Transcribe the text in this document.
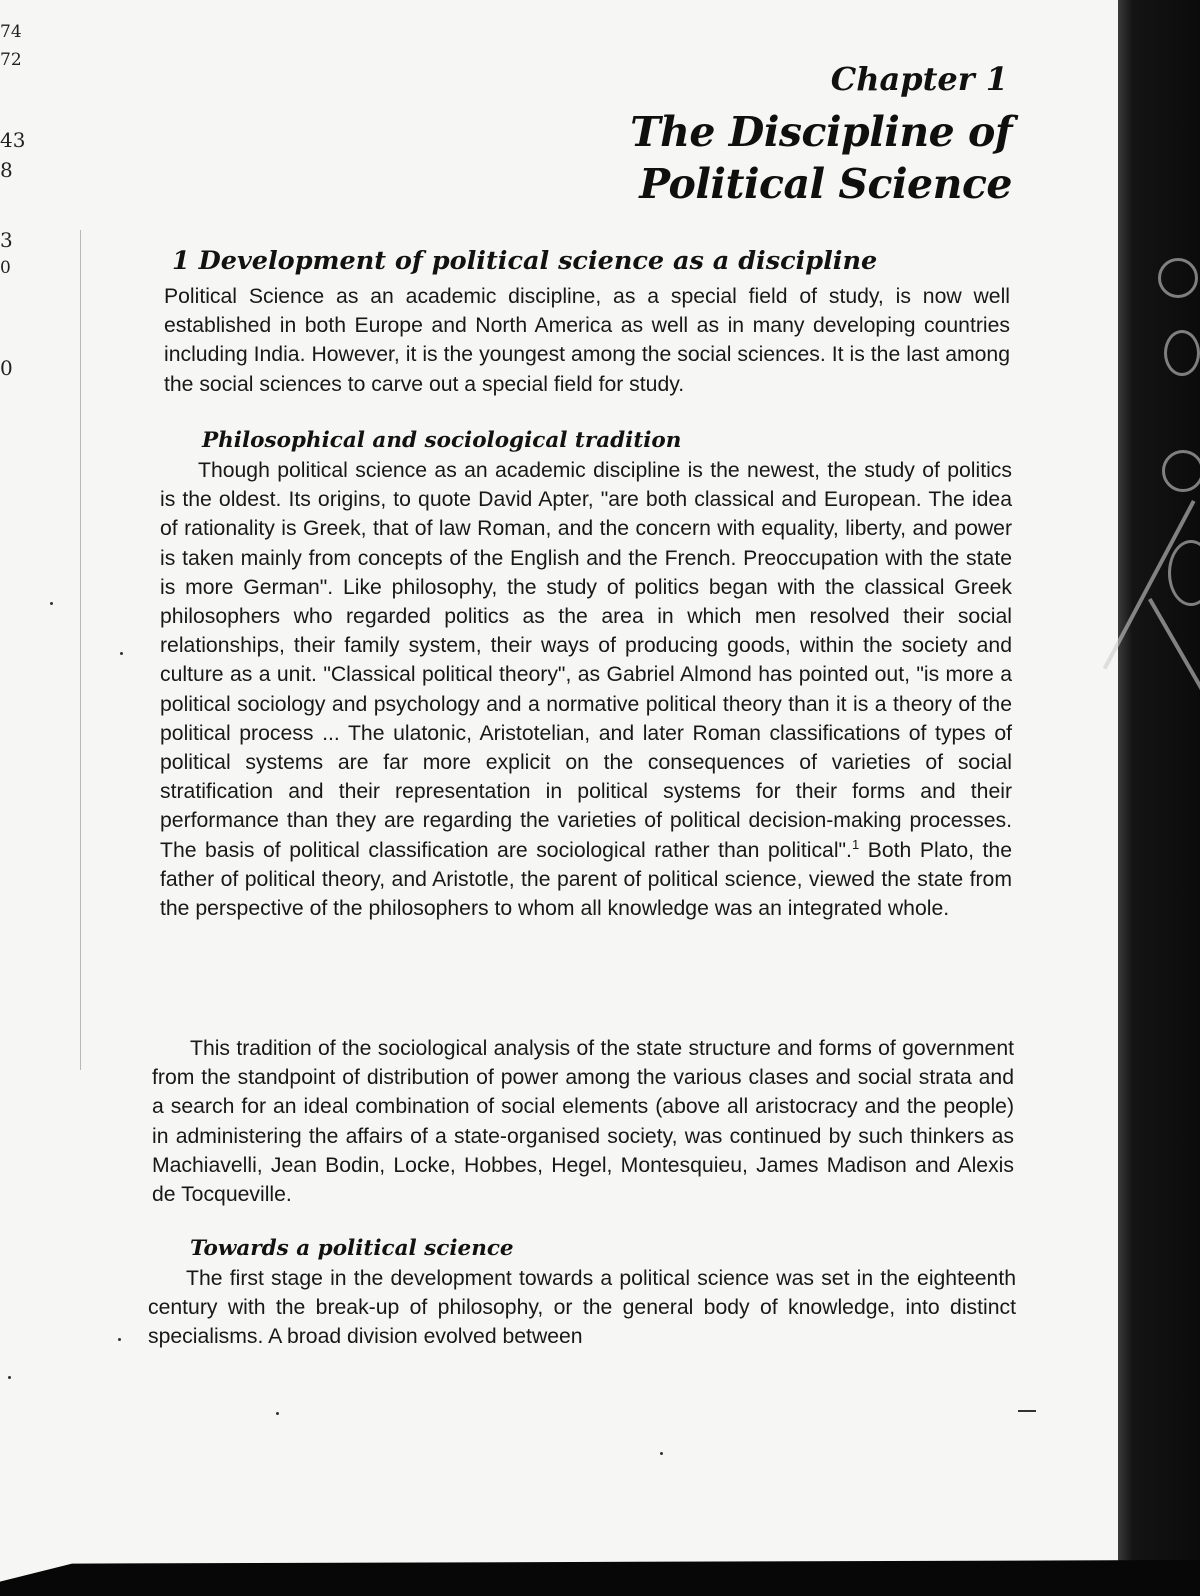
74
72
43
8
3
0
0
Chapter 1
The Discipline of
Political Science
1 Development of political science as a discipline
Political Science as an academic discipline, as a special field of study, is now well established in both Europe and North America as well as in many developing countries including India. However, it is the youngest among the social sciences. It is the last among the social sciences to carve out a special field for study.
Philosophical and sociological tradition
Though political science as an academic discipline is the newest, the study of politics is the oldest. Its origins, to quote David Apter, "are both classical and European. The idea of rationality is Greek, that of law Roman, and the concern with equality, liberty, and power is taken mainly from concepts of the English and the French. Preoccupation with the state is more German". Like philosophy, the study of politics began with the classical Greek philosophers who regarded politics as the area in which men resolved their social relationships, their family system, their ways of producing goods, within the society and culture as a unit. "Classical political theory", as Gabriel Almond has pointed out, "is more a political sociology and psychology and a normative political theory than it is a theory of the political process ... The ulatonic, Aristotelian, and later Roman classifications of types of political systems are far more explicit on the consequences of varieties of social stratification and their representation in political systems for their forms and their performance than they are regarding the varieties of political decision-making processes. The basis of political classification are sociological rather than political".$^1$ Both Plato, the father of political theory, and Aristotle, the parent of political science, viewed the state from the perspective of the philosophers to whom all knowledge was an integrated whole.
This tradition of the sociological analysis of the state structure and forms of government from the standpoint of distribution of power among the various clases and social strata and a search for an ideal combination of social elements (above all aristocracy and the people) in administering the affairs of a state-organised society, was continued by such thinkers as Machiavelli, Jean Bodin, Locke, Hobbes, Hegel, Montesquieu, James Madison and Alexis de Tocqueville.
Towards a political science
The first stage in the development towards a political science was set in the eighteenth century with the break-up of philosophy, or the general body of knowledge, into distinct specialisms. A broad division evolved between
